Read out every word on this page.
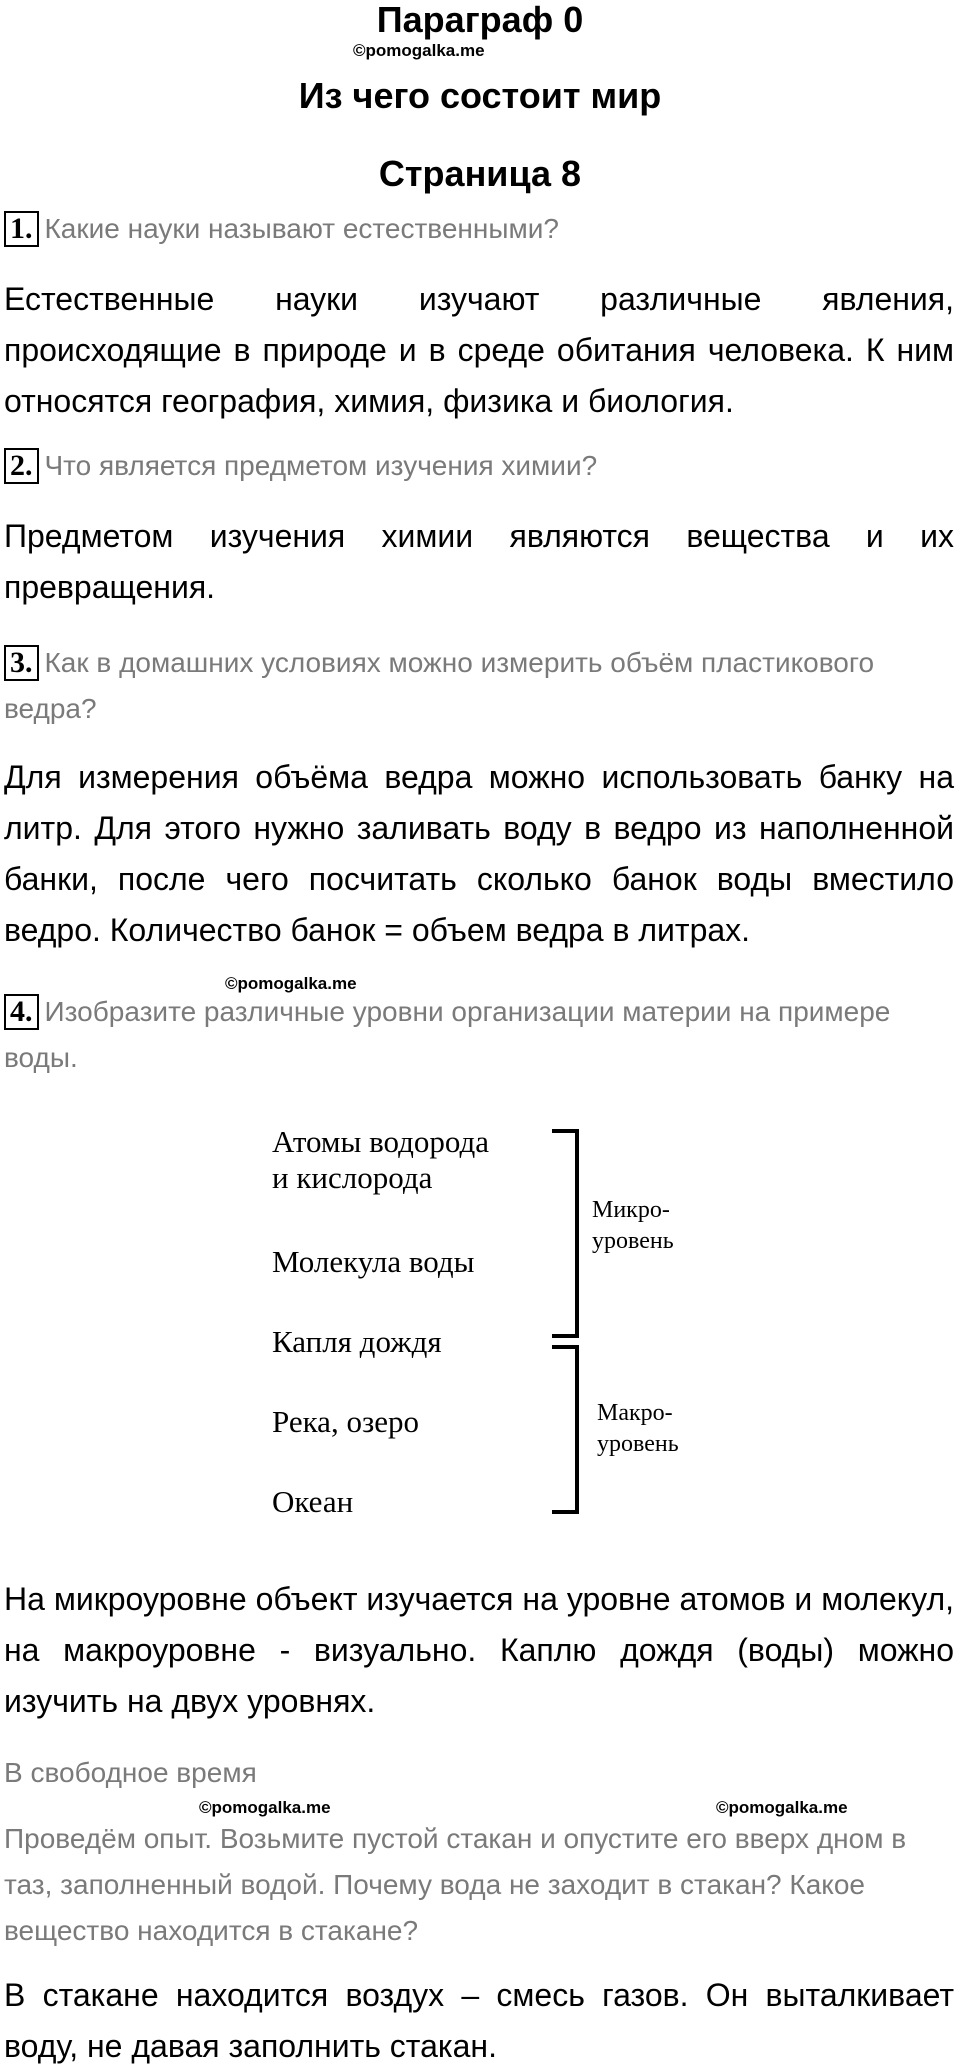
Параграф 0
©pomogalka.me
Из чего состоит мир
Страница 8
1. Какие науки называют естественными?
Естественные науки изучают различные явления, происходящие в природе и в среде обитания человека. К ним относятся география, химия, физика и биология.
2. Что является предметом изучения химии?
Предметом изучения химии являются вещества и их превращения.
3. Как в домашних условиях можно измерить объём пластикового ведра?
Для измерения объёма ведра можно использовать банку на литр. Для этого нужно заливать воду в ведро из наполненной банки, после чего посчитать сколько банок воды вместило ведро. Количество банок = объем ведра в литрах.
©pomogalka.me
4. Изобразите различные уровни организации материи на примере воды.
Атомы водорода
и кислорода
Молекула воды
Капля дождя
Река, озеро
Океан
Микро-
уровень
Макро-
уровень
На микроуровне объект изучается на уровне атомов и молекул, на макроуровне - визуально. Каплю дождя (воды) можно изучить на двух уровнях.
В свободное время
©pomogalka.me	©pomogalka.me
Проведём опыт. Возьмите пустой стакан и опустите его вверх дном в таз, заполненный водой. Почему вода не заходит в стакан? Какое вещество находится в стакане?
В стакане находится воздух – смесь газов. Он выталкивает воду, не давая заполнить стакан.
